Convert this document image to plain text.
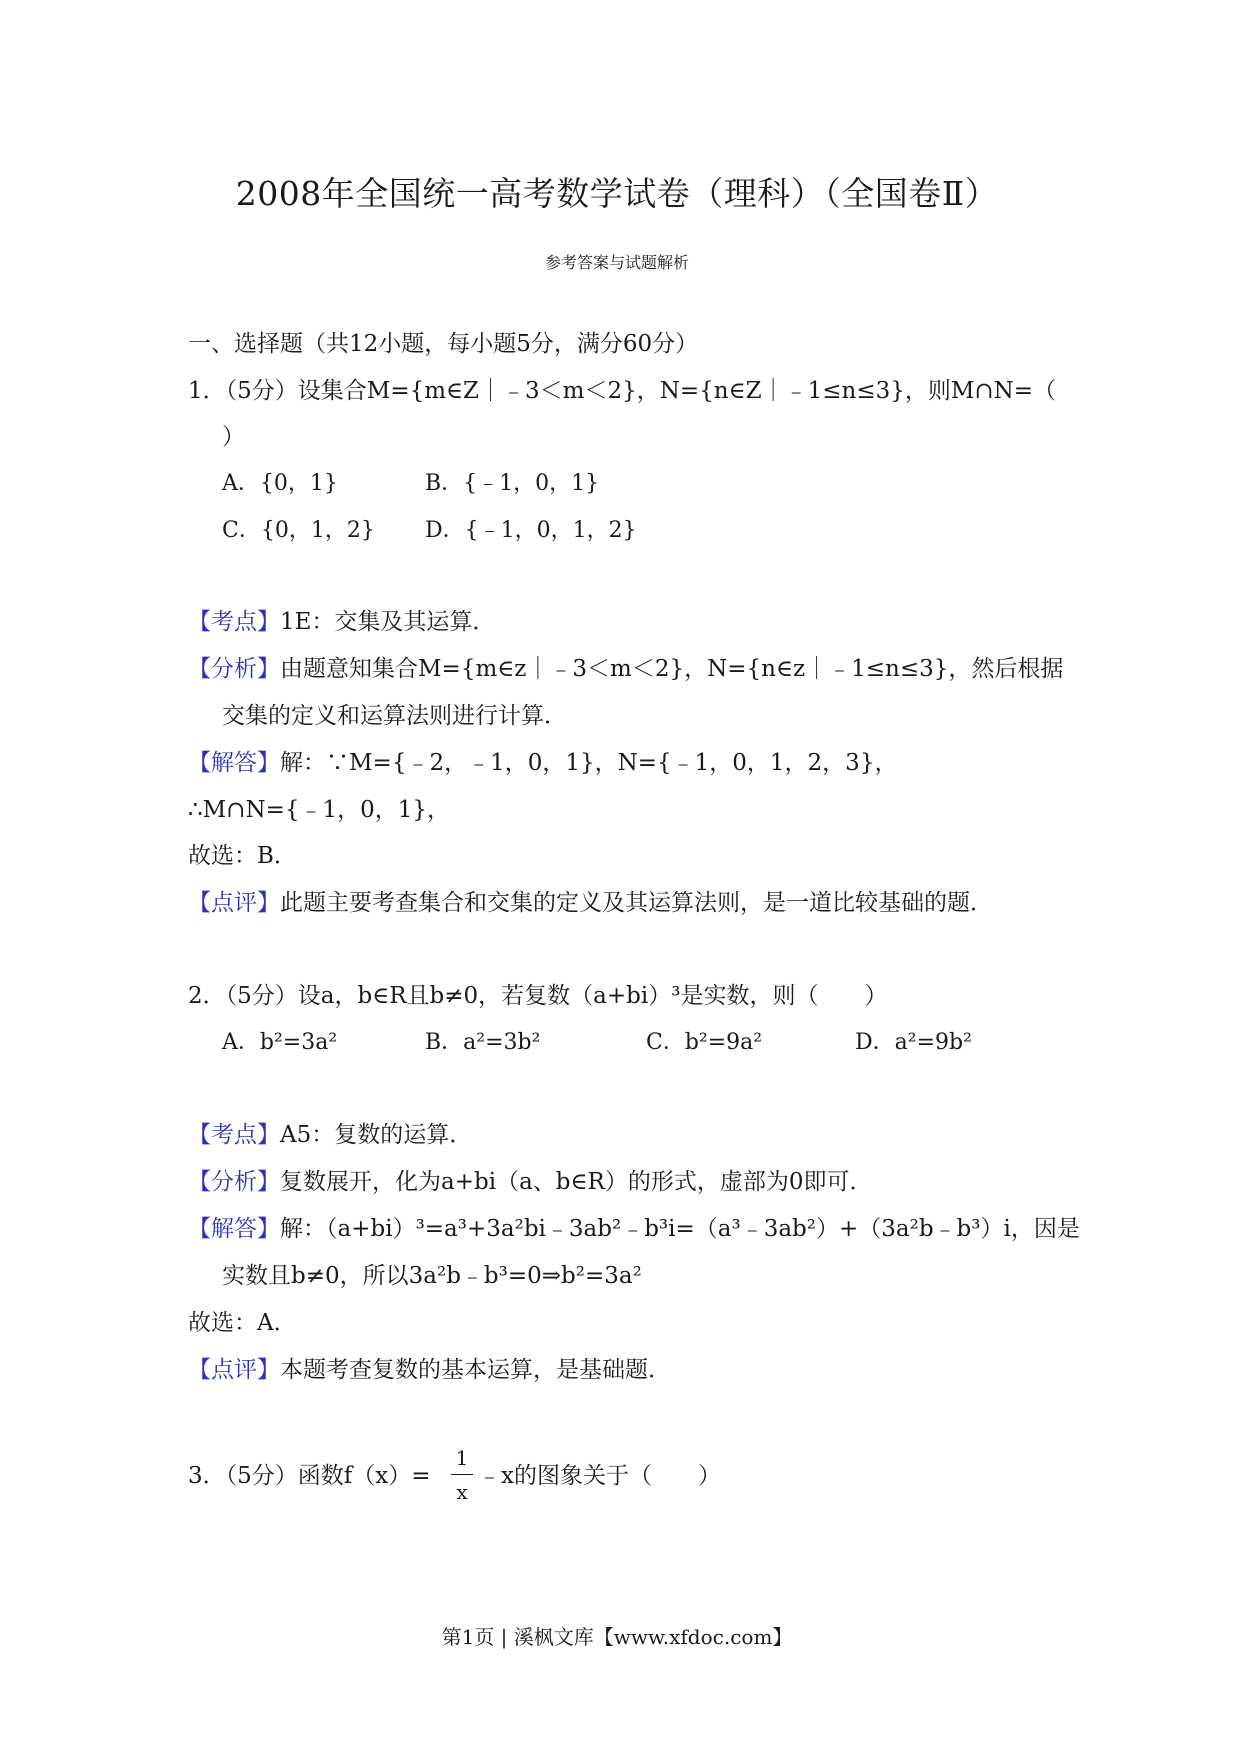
2008年全国统一高考数学试卷（理科）（全国卷Ⅱ）
参考答案与试题解析
一、选择题（共12小题，每小题5分，满分60分）
1．（5分）设集合M={m∈Z｜﹣3＜m＜2}，N={n∈Z｜﹣1≤n≤3}，则M∩N=（
）
A．{0，1}	B．{﹣1，0，1}
C．{0，1，2} D．{﹣1，0，1，2}
【考点】1E：交集及其运算．
【分析】由题意知集合M={m∈z｜﹣3＜m＜2}，N={n∈z｜﹣1≤n≤3}，然后根据
交集的定义和运算法则进行计算．
【解答】解：∵M={﹣2，﹣1，0，1}，N={﹣1，0，1，2，3}，
∴M∩N={﹣1，0，1}，
故选：B．
【点评】此题主要考查集合和交集的定义及其运算法则，是一道比较基础的题．
2．（5分）设a，b∈R且b≠0，若复数（a+bi）³是实数，则（　　）
A．b²=3a²	B．a²=3b²	C．b²=9a²	D．a²=9b²
【考点】A5：复数的运算．
【分析】复数展开，化为a+bi（a、b∈R）的形式，虚部为0即可．
【解答】解：（a+bi）³=a³+3a²bi﹣3ab²﹣b³i=（a³﹣3ab²）+（3a²b﹣b³）i，因是
实数且b≠0，所以3a²b﹣b³=0⇒b²=3a²
故选：A．
【点评】本题考查复数的基本运算，是基础题．
3．（5分）函数f（x）=
1
x
﹣x的图象关于（　　）
第1页 | 溪枫文库【www.xfdoc.com】
